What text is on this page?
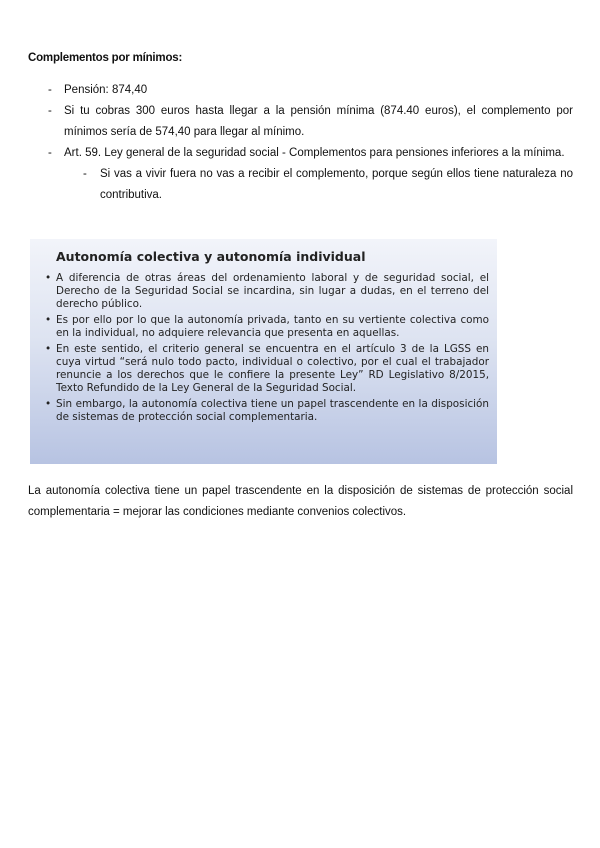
Complementos por mínimos:
- Pensión: 874,40
- Si tu cobras 300 euros hasta llegar a la pensión mínima (874.40 euros), el complemento por mínimos sería de 574,40 para llegar al mínimo.
- Art. 59. Ley general de la seguridad social - Complementos para pensiones inferiores a la mínima.
- Si vas a vivir fuera no vas a recibir el complemento, porque según ellos tiene naturaleza no contributiva.
Autonomía colectiva y autonomía individual
• A diferencia de otras áreas del ordenamiento laboral y de seguridad social, el Derecho de la Seguridad Social se incardina, sin lugar a dudas, en el terreno del derecho público.
• Es por ello por lo que la autonomía privada, tanto en su vertiente colectiva como en la individual, no adquiere relevancia que presenta en aquellas.
• En este sentido, el criterio general se encuentra en el artículo 3 de la LGSS en cuya virtud “será nulo todo pacto, individual o colectivo, por el cual el trabajador renuncie a los derechos que le confiere la presente Ley” RD Legislativo 8/2015, Texto Refundido de la Ley General de la Seguridad Social.
• Sin embargo, la autonomía colectiva tiene un papel trascendente en la disposición de sistemas de protección social complementaria.
La autonomía colectiva tiene un papel trascendente en la disposición de sistemas de protección social complementaria = mejorar las condiciones mediante convenios colectivos.
